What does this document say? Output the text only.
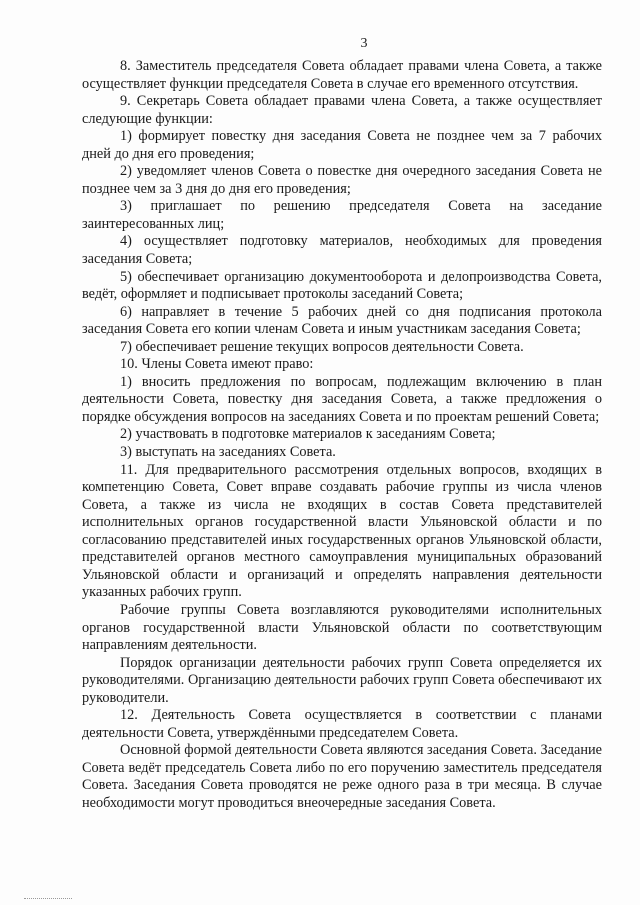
3

8. Заместитель председателя Совета обладает правами члена Совета, а также осуществляет функции председателя Совета в случае его временного отсутствия.

9. Секретарь Совета обладает правами члена Совета, а также осуществляет следующие функции:

1) формирует повестку дня заседания Совета не позднее чем за 7 рабочих дней до дня его проведения;

2) уведомляет членов Совета о повестке дня очередного заседания Совета не позднее чем за 3 дня до дня его проведения;

3) приглашает по решению председателя Совета на заседание заинтересованных лиц;

4) осуществляет подготовку материалов, необходимых для проведения заседания Совета;

5) обеспечивает организацию документооборота и делопроизводства Совета, ведёт, оформляет и подписывает протоколы заседаний Совета;

6) направляет в течение 5 рабочих дней со дня подписания протокола заседания Совета его копии членам Совета и иным участникам заседания Совета;

7) обеспечивает решение текущих вопросов деятельности Совета.

10. Члены Совета имеют право:

1) вносить предложения по вопросам, подлежащим включению в план деятельности Совета, повестку дня заседания Совета, а также предложения о порядке обсуждения вопросов на заседаниях Совета и по проектам решений Совета;

2) участвовать в подготовке материалов к заседаниям Совета;

3) выступать на заседаниях Совета.

11. Для предварительного рассмотрения отдельных вопросов, входящих в компетенцию Совета, Совет вправе создавать рабочие группы из числа членов Совета, а также из числа не входящих в состав Совета представителей исполнительных органов государственной власти Ульяновской области и по согласованию представителей иных государственных органов Ульяновской области, представителей органов местного самоуправления муниципальных образований Ульяновской области и организаций и определять направления деятельности указанных рабочих групп.

Рабочие группы Совета возглавляются руководителями исполнительных органов государственной власти Ульяновской области по соответствующим направлениям деятельности.

Порядок организации деятельности рабочих групп Совета определяется их руководителями. Организацию деятельности рабочих групп Совета обеспечивают их руководители.

12. Деятельность Совета осуществляется в соответствии с планами деятельности Совета, утверждёнными председателем Совета.

Основной формой деятельности Совета являются заседания Совета. Заседание Совета ведёт председатель Совета либо по его поручению заместитель председателя Совета. Заседания Совета проводятся не реже одного раза в три месяца. В случае необходимости могут проводиться внеочередные заседания Совета.
